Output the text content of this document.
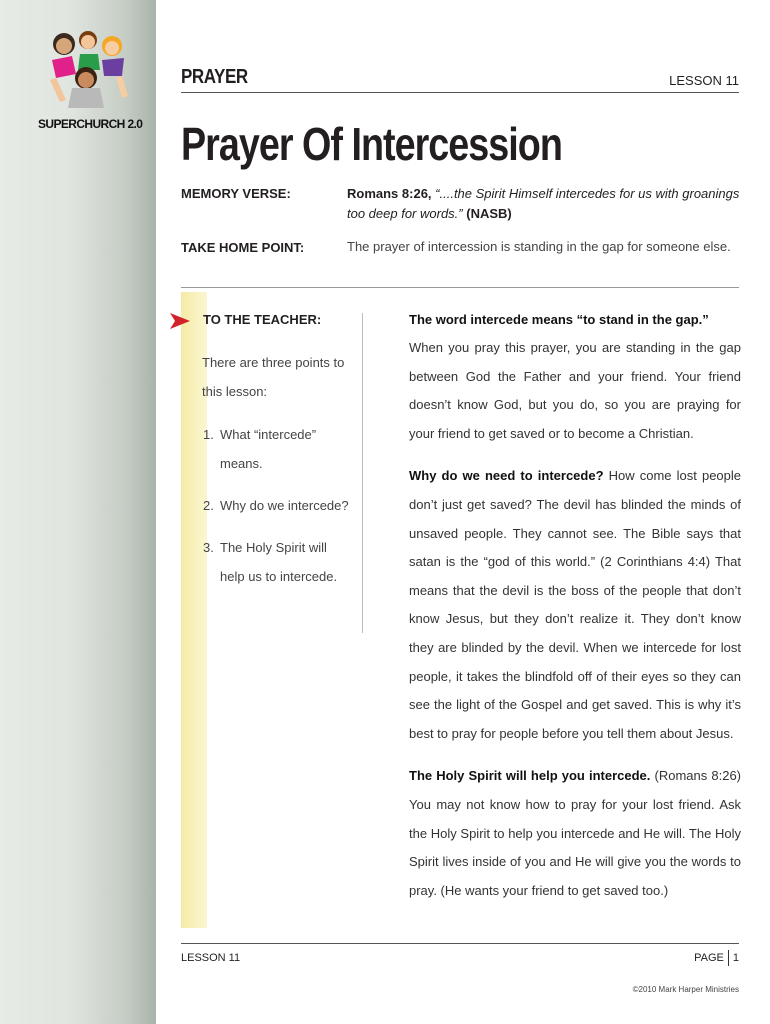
SUPERCHURCH 2.0
PRAYER	LESSON 11
Prayer Of Intercession
MEMORY VERSE:	Romans 8:26, “....the Spirit Himself intercedes for us with groanings too deep for words.” (NASB)
TAKE HOME POINT:	The prayer of intercession is standing in the gap for someone else.
TO THE TEACHER:

There are three points to this lesson:

1. What “intercede” means.
2. Why do we intercede?
3. The Holy Spirit will help us to intercede.

The word intercede means “to stand in the gap.”
When you pray this prayer, you are standing in the gap between God the Father and your friend. Your friend doesn’t know God, but you do, so you are praying for your friend to get saved or to become a Christian.

Why do we need to intercede? How come lost people don’t just get saved? The devil has blinded the minds of unsaved people. They cannot see. The Bible says that satan is the “god of this world.” (2 Corinthians 4:4) That means that the devil is the boss of the people that don’t know Jesus, but they don’t realize it. They don’t know they are blinded by the devil. When we intercede for lost people, it takes the blindfold off of their eyes so they can see the light of the Gospel and get saved. This is why it’s best to pray for people before you tell them about Jesus.

The Holy Spirit will help you intercede. (Romans 8:26) You may not know how to pray for your lost friend. Ask the Holy Spirit to help you intercede and He will. The Holy Spirit lives inside of you and He will give you the words to pray. (He wants your friend to get saved too.)

LESSON 11	PAGE 1
©2010 Mark Harper Ministries
